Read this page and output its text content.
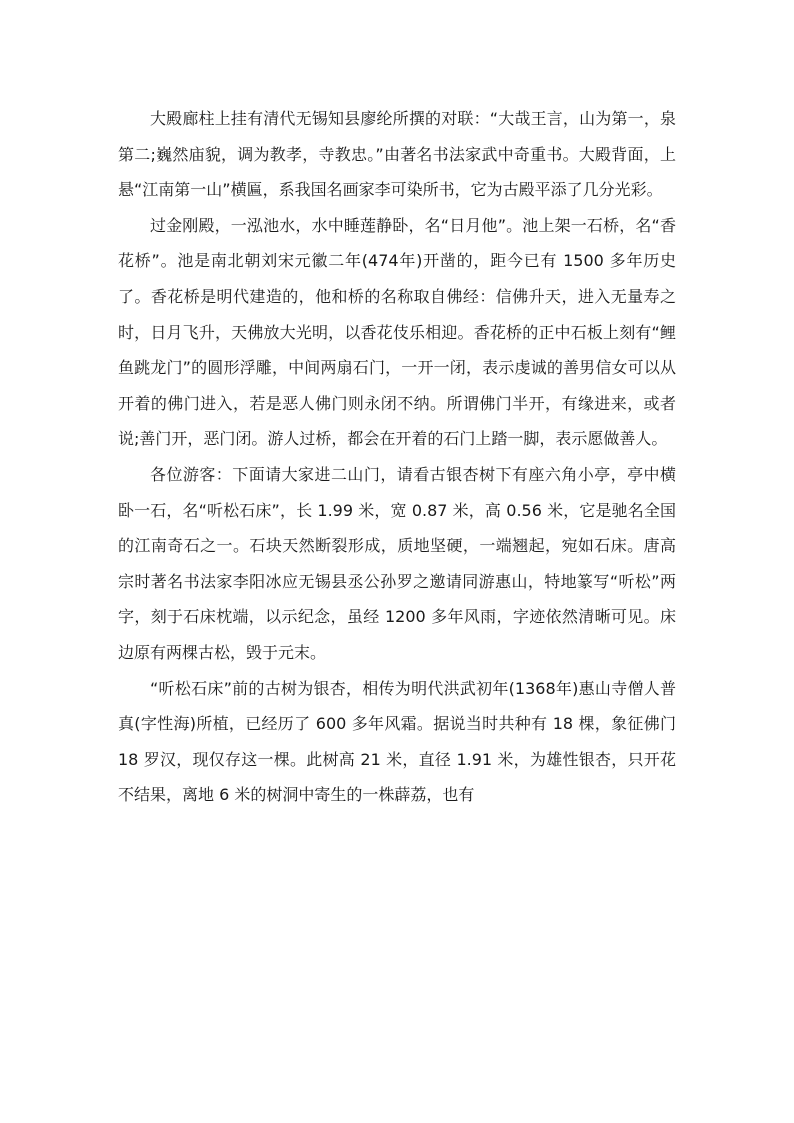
大殿廊柱上挂有清代无锡知县廖纶所撰的对联：“大哉王言，山为第一，泉第二;巍然庙貌，调为教孝，寺教忠。”由著名书法家武中奇重书。大殿背面，上悬“江南第一山”横匾，系我国名画家李可染所书，它为古殿平添了几分光彩。

过金刚殿，一泓池水，水中睡莲静卧，名“日月他”。池上架一石桥，名“香花桥”。池是南北朝刘宋元徽二年(474年)开凿的，距今已有 1500 多年历史了。香花桥是明代建造的，他和桥的名称取自佛经：信佛升天，进入无量寿之时，日月飞升，天佛放大光明，以香花伎乐相迎。香花桥的正中石板上刻有“鲤鱼跳龙门”的圆形浮雕，中间两扇石门，一开一闭，表示虔诚的善男信女可以从开着的佛门进入，若是恶人佛门则永闭不纳。所谓佛门半开，有缘进来，或者说;善门开，恶门闭。游人过桥，都会在开着的石门上踏一脚，表示愿做善人。

各位游客：下面请大家进二山门，请看古银杏树下有座六角小亭，亭中横卧一石，名“听松石床”，长 1.99 米，宽 0.87 米，高 0.56 米，它是驰名全国的江南奇石之一。石块天然断裂形成，质地坚硬，一端翘起，宛如石床。唐高宗时著名书法家李阳冰应无锡县丞公孙罗之邀请同游惠山，特地篆写“听松”两字，刻于石床枕端，以示纪念，虽经 1200 多年风雨，字迹依然清晰可见。床边原有两棵古松，毁于元末。

“听松石床”前的古树为银杏，相传为明代洪武初年(1368年)惠山寺僧人普真(字性海)所植，已经历了 600 多年风霜。据说当时共种有 18 棵，象征佛门 18 罗汉，现仅存这一棵。此树高 21 米，直径 1.91 米，为雄性银杏，只开花不结果，离地 6 米的树洞中寄生的一株薜荔，也有
